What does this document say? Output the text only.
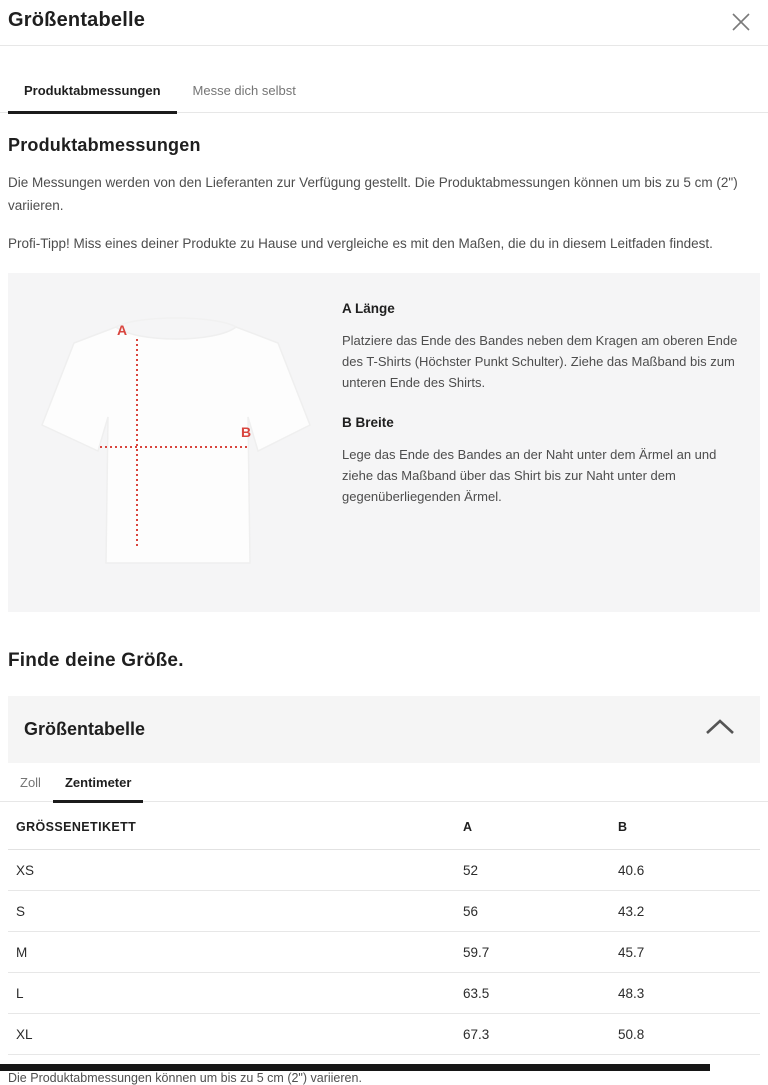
Größentabelle
Produktabmessungen	Messe dich selbst
Produktabmessungen

Die Messungen werden von den Lieferanten zur Verfügung gestellt. Die Produktabmessungen können um bis zu 5 cm (2") variieren.

Profi-Tipp! Miss eines deiner Produkte zu Hause und vergleiche es mit den Maßen, die du in diesem Leitfaden findest.

A
B
A Länge

Platziere das Ende des Bandes neben dem Kragen am oberen Ende des T-Shirts (Höchster Punkt Schulter). Ziehe das Maßband bis zum unteren Ende des Shirts.

B Breite

Lege das Ende des Bandes an der Naht unter dem Ärmel an und ziehe das Maßband über das Shirt bis zur Naht unter dem gegenüberliegenden Ärmel.

Finde deine Größe.
Größentabelle
Zoll	Zentimeter
GRÖSSENETIKETT	A	B
XS	52	40.6
S	56	43.2
M	59.7	45.7
L	63.5	48.3
XL	67.3	50.8
Die Produktabmessungen können um bis zu 5 cm (2") variieren.
